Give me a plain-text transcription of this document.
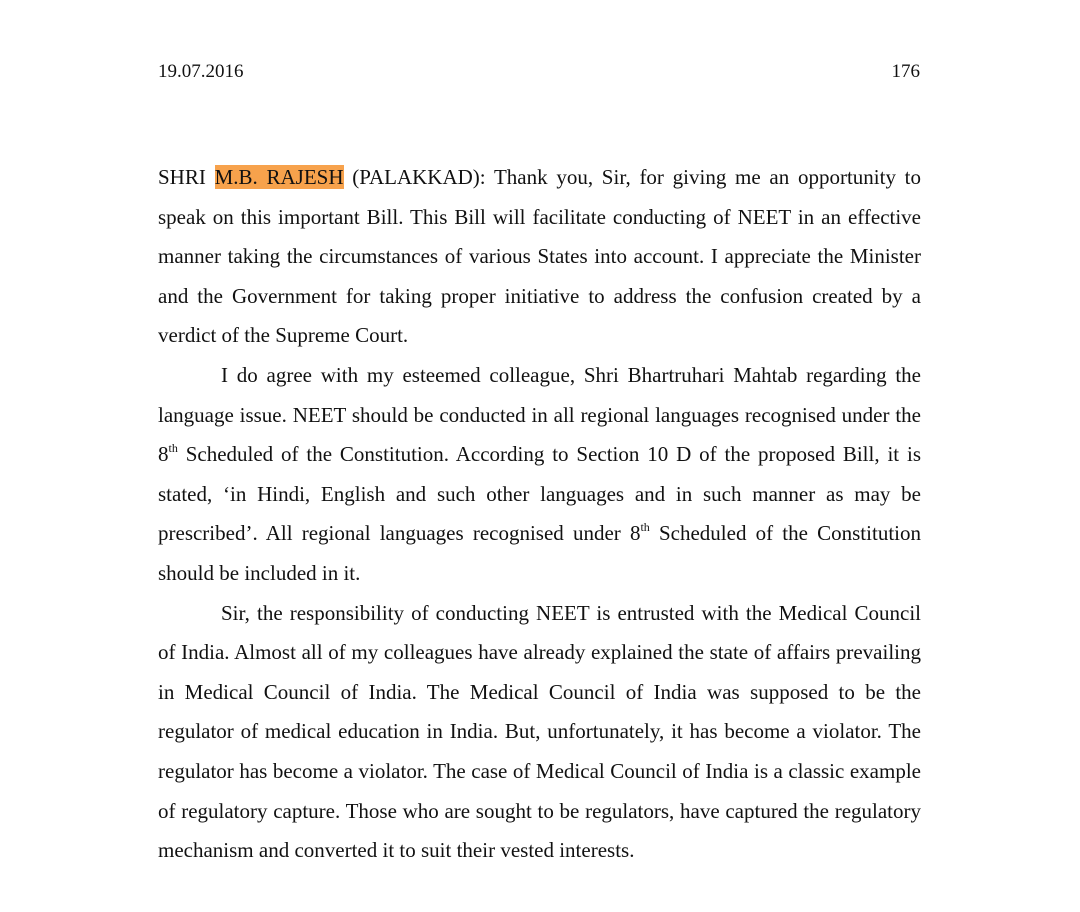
19.07.2016	176

SHRI M.B. RAJESH (PALAKKAD): Thank you, Sir, for giving me an opportunity to speak on this important Bill. This Bill will facilitate conducting of NEET in an effective manner taking the circumstances of various States into account. I appreciate the Minister and the Government for taking proper initiative to address the confusion created by a verdict of the Supreme Court.

I do agree with my esteemed colleague, Shri Bhartruhari Mahtab regarding the language issue. NEET should be conducted in all regional languages recognised under the 8th Scheduled of the Constitution. According to Section 10 D of the proposed Bill, it is stated, ‘in Hindi, English and such other languages and in such manner as may be prescribed’. All regional languages recognised under 8th Scheduled of the Constitution should be included in it.

Sir, the responsibility of conducting NEET is entrusted with the Medical Council of India. Almost all of my colleagues have already explained the state of affairs prevailing in Medical Council of India. The Medical Council of India was supposed to be the regulator of medical education in India. But, unfortunately, it has become a violator. The regulator has become a violator. The case of Medical Council of India is a classic example of regulatory capture. Those who are sought to be regulators, have captured the regulatory mechanism and converted it to suit their vested interests.
